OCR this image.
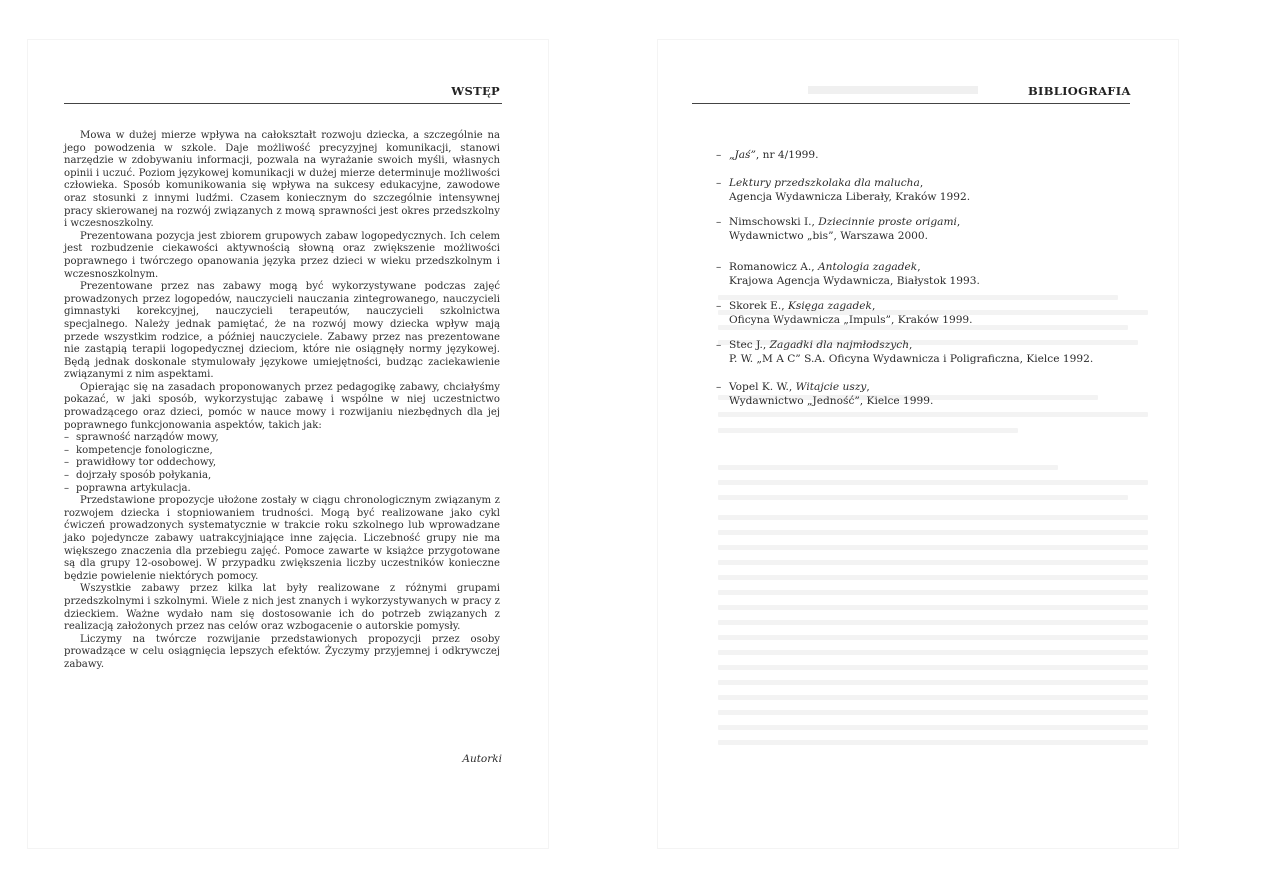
WSTĘP

Mowa w dużej mierze wpływa na całokształt rozwoju dziecka, a szczególnie na jego powodzenia w szkole. Daje możliwość precyzyjnej komunikacji, stanowi narzędzie w zdobywaniu informacji, pozwala na wyrażanie swoich myśli, własnych opinii i uczuć. Poziom językowej komunikacji w dużej mierze determinuje możliwości człowieka. Sposób komunikowania się wpływa na sukcesy edukacyjne, zawodowe oraz stosunki z innymi ludźmi. Czasem koniecznym do szczególnie intensywnej pracy skierowanej na rozwój związanych z mową sprawności jest okres przedszkolny i wczesnoszkolny.

Prezentowana pozycja jest zbiorem grupowych zabaw logopedycznych. Ich celem jest rozbudzenie ciekawości aktywnością słowną oraz zwiększenie możliwości poprawnego i twórczego opanowania języka przez dzieci w wieku przedszkolnym i wczesnoszkolnym.

Prezentowane przez nas zabawy mogą być wykorzystywane podczas zajęć prowadzonych przez logopedów, nauczycieli nauczania zintegrowanego, nauczycieli gimnastyki korekcyjnej, nauczycieli terapeutów, nauczycieli szkolnictwa specjalnego. Należy jednak pamiętać, że na rozwój mowy dziecka wpływ mają przede wszystkim rodzice, a później nauczyciele. Zabawy przez nas prezentowane nie zastąpią terapii logopedycznej dzieciom, które nie osiągnęły normy językowej. Będą jednak doskonale stymulowały językowe umiejętności, budząc zaciekawienie związanymi z nim aspektami.

Opierając się na zasadach proponowanych przez pedagogikę zabawy, chciałyśmy pokazać, w jaki sposób, wykorzystując zabawę i wspólne w niej uczestnictwo prowadzącego oraz dzieci, pomóc w nauce mowy i rozwijaniu niezbędnych dla jej poprawnego funkcjonowania aspektów, takich jak:

– sprawność narządów mowy,
– kompetencje fonologiczne,
– prawidłowy tor oddechowy,
– dojrzały sposób połykania,
– poprawna artykulacja.

Przedstawione propozycje ułożone zostały w ciągu chronologicznym związanym z rozwojem dziecka i stopniowaniem trudności. Mogą być realizowane jako cykl ćwiczeń prowadzonych systematycznie w trakcie roku szkolnego lub wprowadzane jako pojedyncze zabawy uatrakcyjniające inne zajęcia. Liczebność grupy nie ma większego znaczenia dla przebiegu zajęć. Pomoce zawarte w książce przygotowane są dla grupy 12-osobowej. W przypadku zwiększenia liczby uczestników konieczne będzie powielenie niektórych pomocy.

Wszystkie zabawy przez kilka lat były realizowane z różnymi grupami przedszkolnymi i szkolnymi. Wiele z nich jest znanych i wykorzystywanych w pracy z dzieckiem. Ważne wydało nam się dostosowanie ich do potrzeb związanych z realizacją założonych przez nas celów oraz wzbogacenie o autorskie pomysły.

Liczymy na twórcze rozwijanie przedstawionych propozycji przez osoby prowadzące w celu osiągnięcia lepszych efektów. Życzymy przyjemnej i odkrywczej zabawy.

Autorki
BIBLIOGRAFIA
– „Jaś”, nr 4/1999.
– Lektury przedszkolaka dla malucha,
Agencja Wydawnicza Liberały, Kraków 1992.
– Nimschowski I., Dziecinnie proste origami,
Wydawnictwo „bis”, Warszawa 2000.
– Romanowicz A., Antologia zagadek,
Krajowa Agencja Wydawnicza, Białystok 1993.
– Skorek E., Księga zagadek,
Oficyna Wydawnicza „Impuls”, Kraków 1999.
– Stec J., Zagadki dla najmłodszych,
P. W. „M A C” S.A. Oficyna Wydawnicza i Poligraficzna, Kielce 1992.
– Vopel K. W., Witajcie uszy,
Wydawnictwo „Jedność”, Kielce 1999.
